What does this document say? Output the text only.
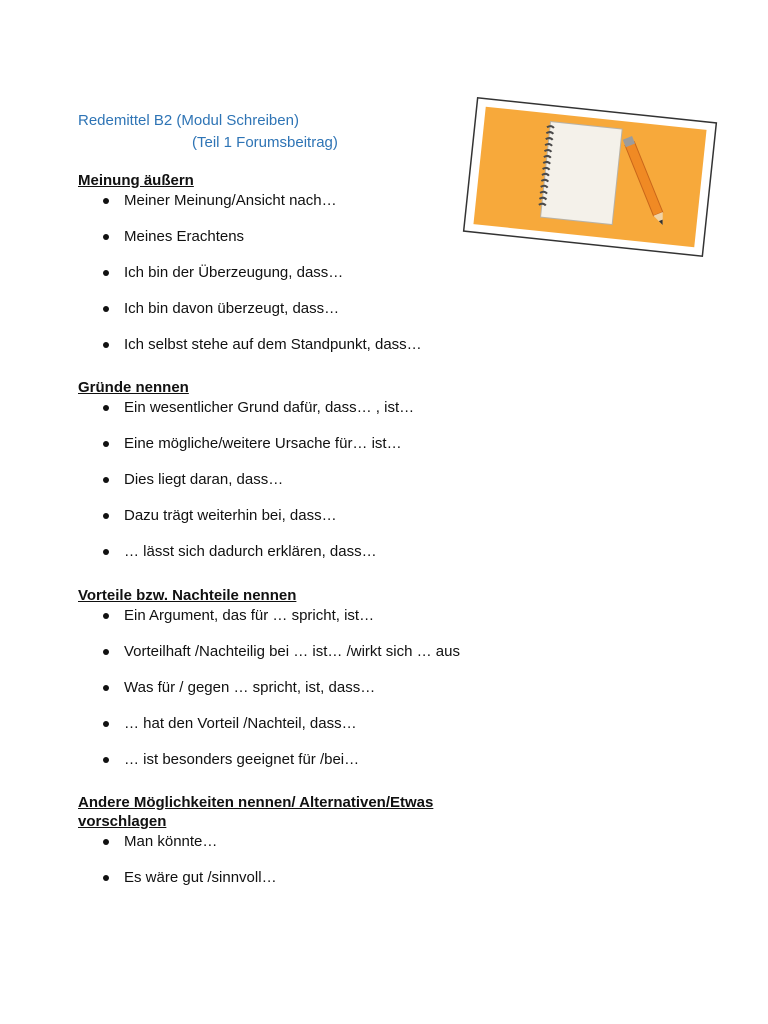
Redemittel B2 (Modul Schreiben)
(Teil 1 Forumsbeitrag)

Meinung äußern

Meiner Meinung/Ansicht nach…
Meines Erachtens
Ich bin der Überzeugung, dass…
Ich bin davon überzeugt, dass…
Ich selbst stehe auf dem Standpunkt, dass…

Gründe nennen

Ein wesentlicher Grund dafür, dass… , ist…
Eine mögliche/weitere Ursache für… ist…
Dies liegt daran, dass…
Dazu trägt weiterhin bei, dass…
… lässt sich dadurch erklären, dass…

Vorteile bzw. Nachteile nennen

Ein Argument, das für … spricht, ist…
Vorteilhaft /Nachteilig bei … ist… /wirkt sich … aus
Was für / gegen … spricht, ist, dass…
… hat den Vorteil /Nachteil, dass…
… ist besonders geeignet für /bei…

Andere Möglichkeiten nennen/ Alternativen/Etwas vorschlagen

Man könnte…
Es wäre gut /sinnvoll…
